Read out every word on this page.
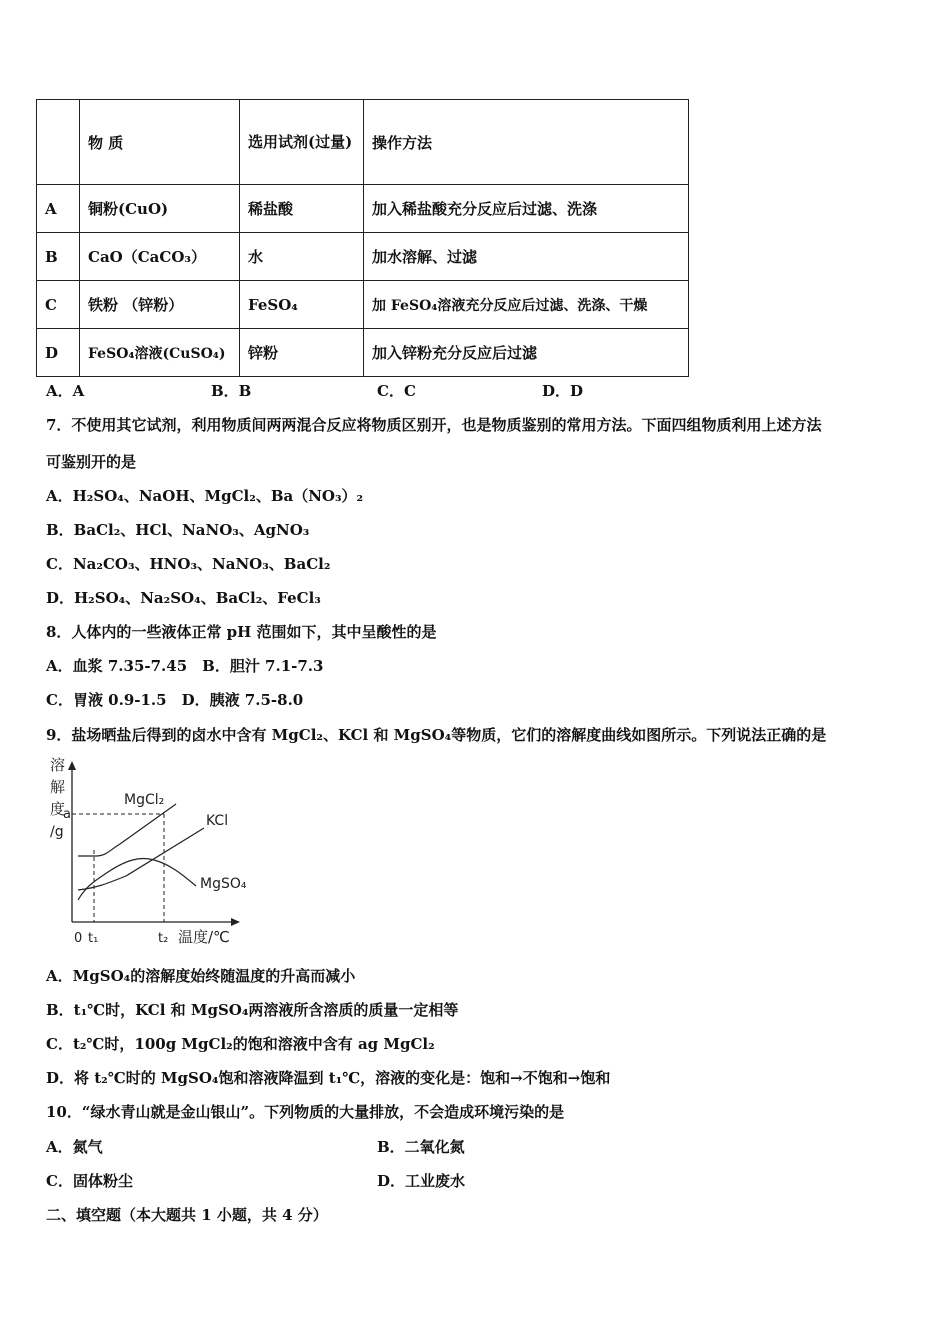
	物 质	选用试剂(过量)	操作方法
A	铜粉(CuO)	稀盐酸	加入稀盐酸充分反应后过滤、洗涤
B	CaO（CaCO₃）	水	加水溶解、过滤
C	铁粉 （锌粉）	FeSO₄	加 FeSO₄溶液充分反应后过滤、洗涤、干燥
D	FeSO₄溶液(CuSO₄)	锌粉	加入锌粉充分反应后过滤
A．A	B．B	C．C	D．D
7．不使用其它试剂，利用物质间两两混合反应将物质区别开，也是物质鉴别的常用方法。下面四组物质利用上述方法
可鉴别开的是
A．H₂SO₄、NaOH、MgCl₂、Ba（NO₃）₂
B．BaCl₂、HCl、NaNO₃、AgNO₃
C．Na₂CO₃、HNO₃、NaNO₃、BaCl₂
D．H₂SO₄、Na₂SO₄、BaCl₂、FeCl₃
8．人体内的一些液体正常 pH 范围如下，其中呈酸性的是
A．血浆 7.35-7.45　B．胆汁 7.1-7.3
C．胃液 0.9-1.5　D．胰液 7.5-8.0
9．盐场晒盐后得到的卤水中含有 MgCl₂、KCl 和 MgSO₄等物质，它们的溶解度曲线如图所示。下列说法正确的是
溶
解
度
/g
a
MgCl₂
KCl
MgSO₄
0 t₁	t₂ 温度/℃
A．MgSO₄的溶解度始终随温度的升高而减小
B．t₁℃时，KCl 和 MgSO₄两溶液所含溶质的质量一定相等
C．t₂℃时，100g MgCl₂的饱和溶液中含有 ag MgCl₂
D．将 t₂℃时的 MgSO₄饱和溶液降温到 t₁℃，溶液的变化是：饱和→不饱和→饱和
10．“绿水青山就是金山银山”。下列物质的大量排放，不会造成环境污染的是
A．氮气	B．二氧化氮
C．固体粉尘	D．工业废水
二、填空题（本大题共 1 小题，共 4 分）
